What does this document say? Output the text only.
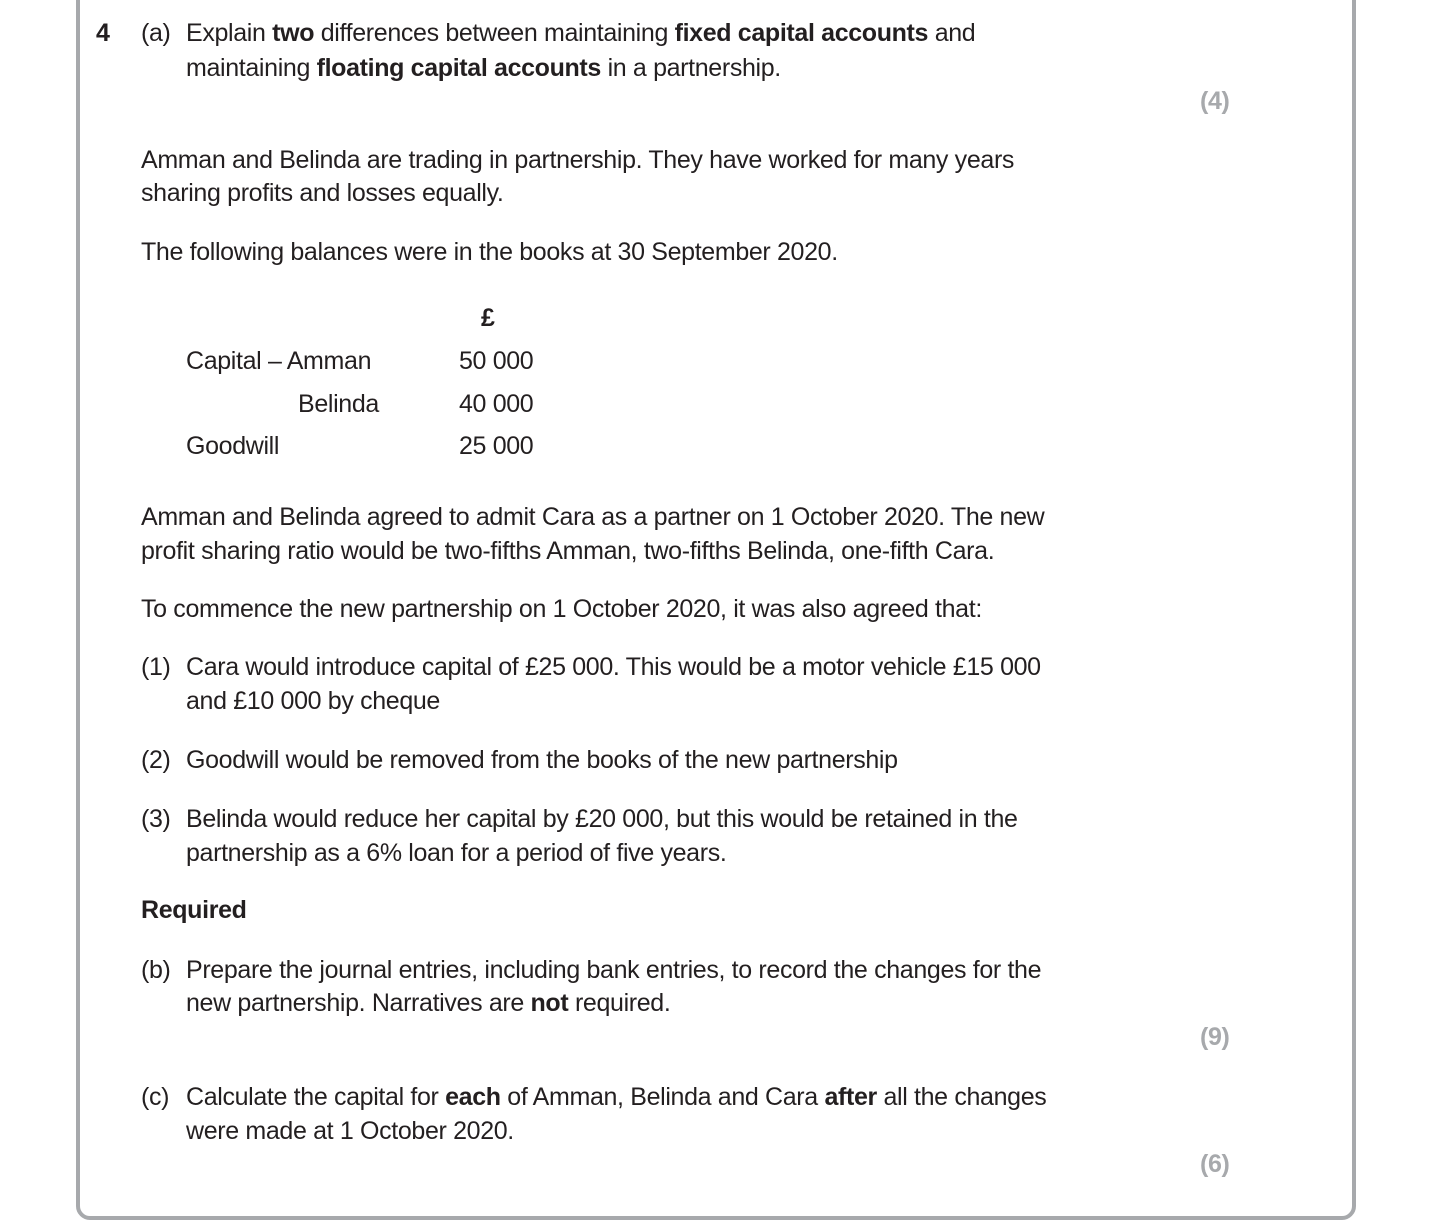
4 (a) Explain two differences between maintaining fixed capital accounts and
maintaining floating capital accounts in a partnership.
(4)
Amman and Belinda are trading in partnership. They have worked for many years
sharing profits and losses equally.
The following balances were in the books at 30 September 2020.
£
Capital – Amman	50 000
Belinda	40 000
Goodwill	25 000
Amman and Belinda agreed to admit Cara as a partner on 1 October 2020. The new
profit sharing ratio would be two-fifths Amman, two-fifths Belinda, one-fifth Cara.
To commence the new partnership on 1 October 2020, it was also agreed that:
(1) Cara would introduce capital of £25 000. This would be a motor vehicle £15 000
and £10 000 by cheque
(2) Goodwill would be removed from the books of the new partnership
(3) Belinda would reduce her capital by £20 000, but this would be retained in the
partnership as a 6% loan for a period of five years.
Required
(b) Prepare the journal entries, including bank entries, to record the changes for the
new partnership. Narratives are not required.
(9)
(c) Calculate the capital for each of Amman, Belinda and Cara after all the changes
were made at 1 October 2020.
(6)
